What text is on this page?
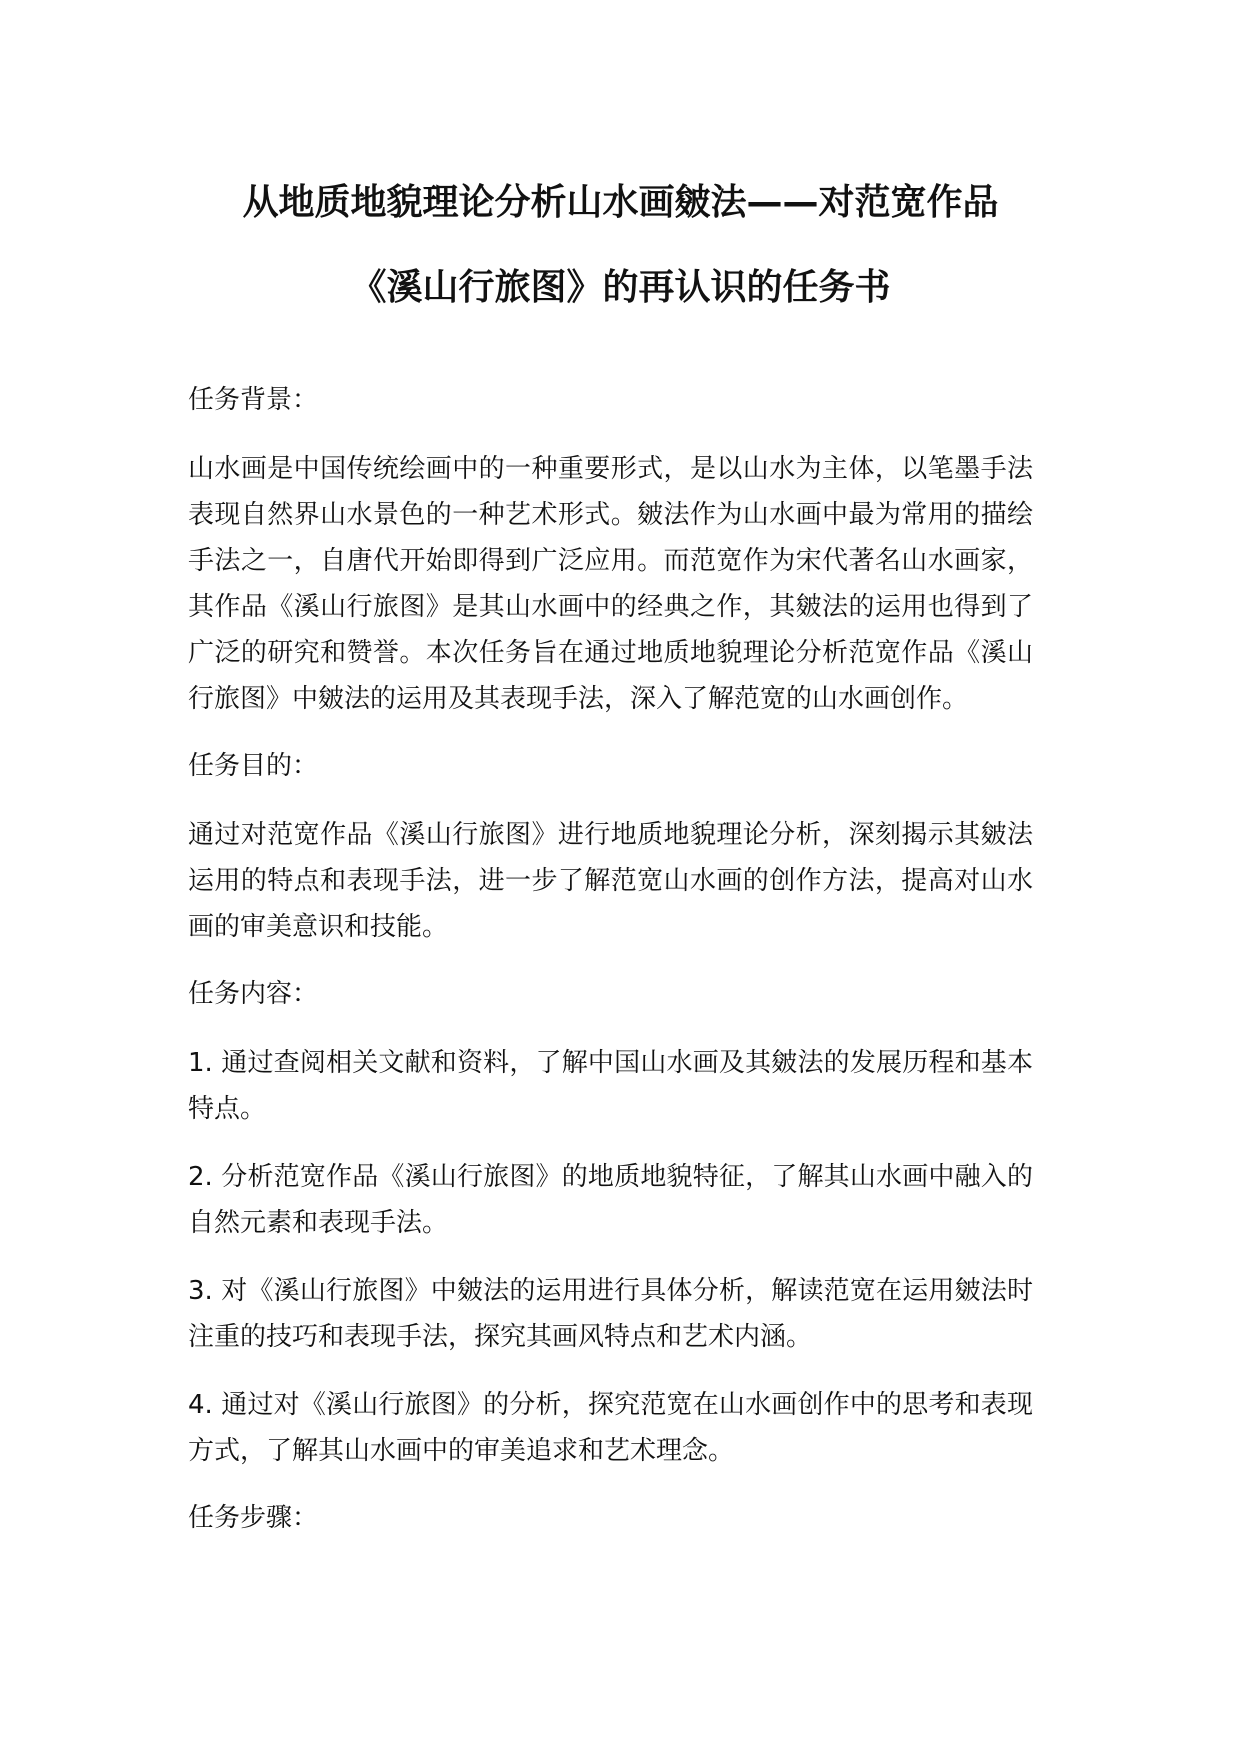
从地质地貌理论分析山水画皴法——对范宽作品
《溪山行旅图》的再认识的任务书

任务背景：

山水画是中国传统绘画中的一种重要形式，是以山水为主体，以笔墨手法表现自然界山水景色的一种艺术形式。皴法作为山水画中最为常用的描绘手法之一，自唐代开始即得到广泛应用。而范宽作为宋代著名山水画家，其作品《溪山行旅图》是其山水画中的经典之作，其皴法的运用也得到了广泛的研究和赞誉。本次任务旨在通过地质地貌理论分析范宽作品《溪山行旅图》中皴法的运用及其表现手法，深入了解范宽的山水画创作。

任务目的：

通过对范宽作品《溪山行旅图》进行地质地貌理论分析，深刻揭示其皴法运用的特点和表现手法，进一步了解范宽山水画的创作方法，提高对山水画的审美意识和技能。

任务内容：

1. 通过查阅相关文献和资料，了解中国山水画及其皴法的发展历程和基本特点。

2. 分析范宽作品《溪山行旅图》的地质地貌特征，了解其山水画中融入的自然元素和表现手法。

3. 对《溪山行旅图》中皴法的运用进行具体分析，解读范宽在运用皴法时注重的技巧和表现手法，探究其画风特点和艺术内涵。

4. 通过对《溪山行旅图》的分析，探究范宽在山水画创作中的思考和表现方式，了解其山水画中的审美追求和艺术理念。

任务步骤：
